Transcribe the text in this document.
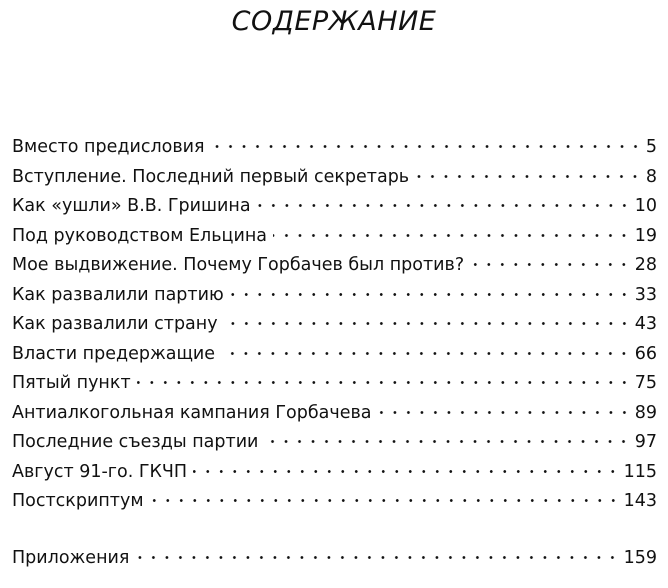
СОДЕРЖАНИЕ
Вместо предисловия	5
Вступление. Последний первый секретарь	8
Как «ушли» В.В. Гришина	10
Под руководством Ельцина	19
Мое выдвижение. Почему Горбачев был против?	28
Как развалили партию	33
Как развалили страну	43
Власти предержащие	66
Пятый пункт	75
Антиалкогольная кампания Горбачева	89
Последние съезды партии	97
Август 91-го. ГКЧП	115
Постскриптум	143
Приложения	159
